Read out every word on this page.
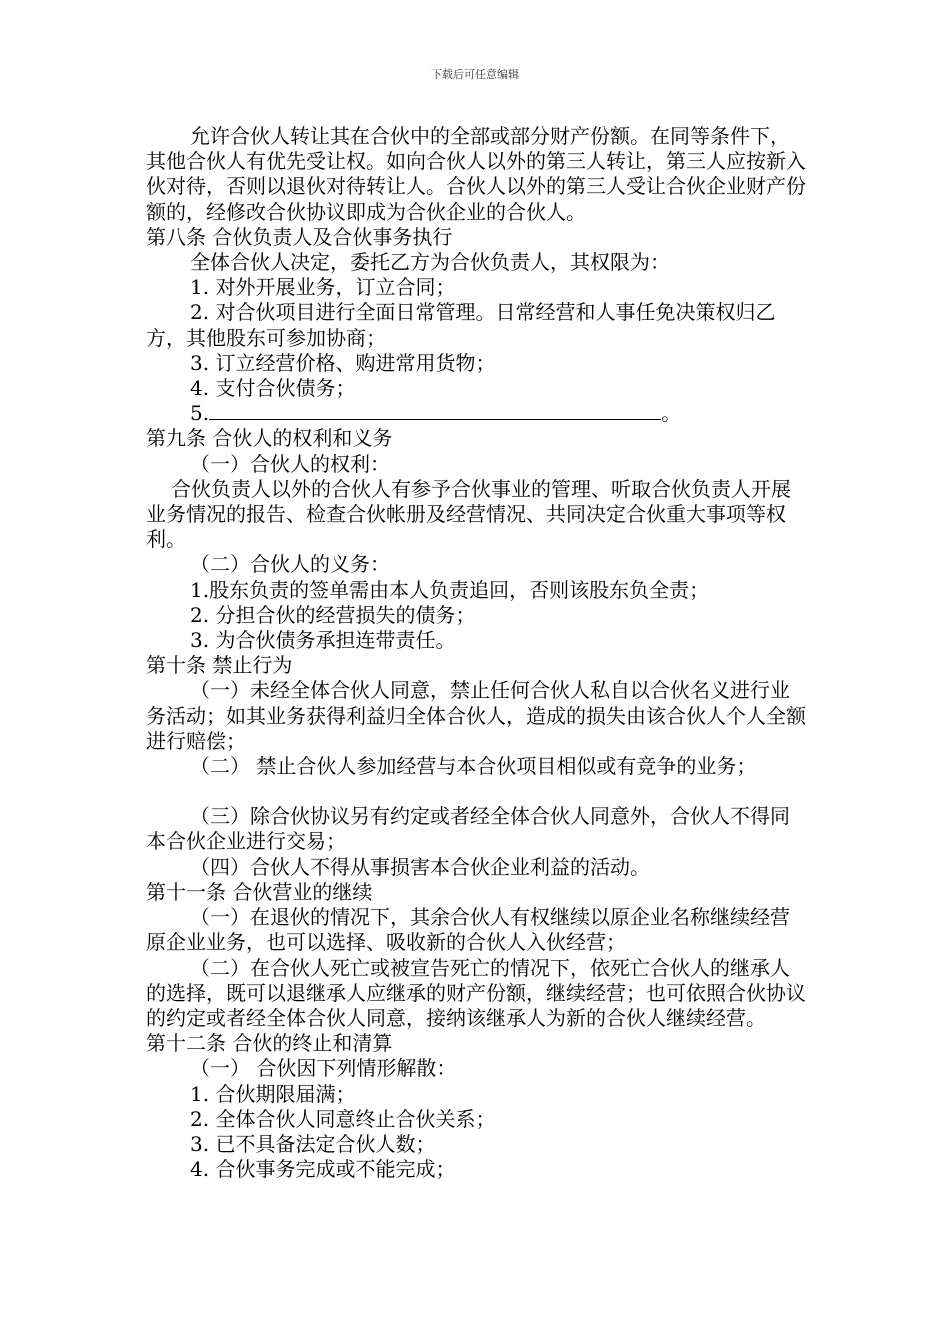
下载后可任意编辑

允许合伙人转让其在合伙中的全部或部分财产份额。在同等条件下，其他合伙人有优先受让权。如向合伙人以外的第三人转让，第三人应按新入伙对待，否则以退伙对待转让人。合伙人以外的第三人受让合伙企业财产份额的，经修改合伙协议即成为合伙企业的合伙人。

第八条 合伙负责人及合伙事务执行

全体合伙人决定，委托乙方为合伙负责人，其权限为：

1. 对外开展业务，订立合同；

2. 对合伙项目进行全面日常管理。日常经营和人事任免决策权归乙方，其他股东可参加协商；

3. 订立经营价格、购进常用货物；

4. 支付合伙债务；

5.	。

第九条 合伙人的权利和义务

（一）合伙人的权利：

合伙负责人以外的合伙人有参予合伙事业的管理、听取合伙负责人开展业务情况的报告、检查合伙帐册及经营情况、共同决定合伙重大事项等权利。

（二）合伙人的义务：

1.股东负责的签单需由本人负责追回，否则该股东负全责；

2. 分担合伙的经营损失的债务；

3. 为合伙债务承担连带责任。

第十条 禁止行为

（一）未经全体合伙人同意，禁止任何合伙人私自以合伙名义进行业务活动；如其业务获得利益归全体合伙人，造成的损失由该合伙人个人全额进行赔偿；

（二） 禁止合伙人参加经营与本合伙项目相似或有竞争的业务；

（三）除合伙协议另有约定或者经全体合伙人同意外，合伙人不得同本合伙企业进行交易；

（四）合伙人不得从事损害本合伙企业利益的活动。

第十一条 合伙营业的继续

（一）在退伙的情况下，其余合伙人有权继续以原企业名称继续经营原企业业务，也可以选择、吸收新的合伙人入伙经营；

（二）在合伙人死亡或被宣告死亡的情况下，依死亡合伙人的继承人的选择，既可以退继承人应继承的财产份额，继续经营；也可依照合伙协议的约定或者经全体合伙人同意，接纳该继承人为新的合伙人继续经营。

第十二条 合伙的终止和清算

（一） 合伙因下列情形解散：

1. 合伙期限届满；

2. 全体合伙人同意终止合伙关系；

3. 已不具备法定合伙人数；

4. 合伙事务完成或不能完成；
